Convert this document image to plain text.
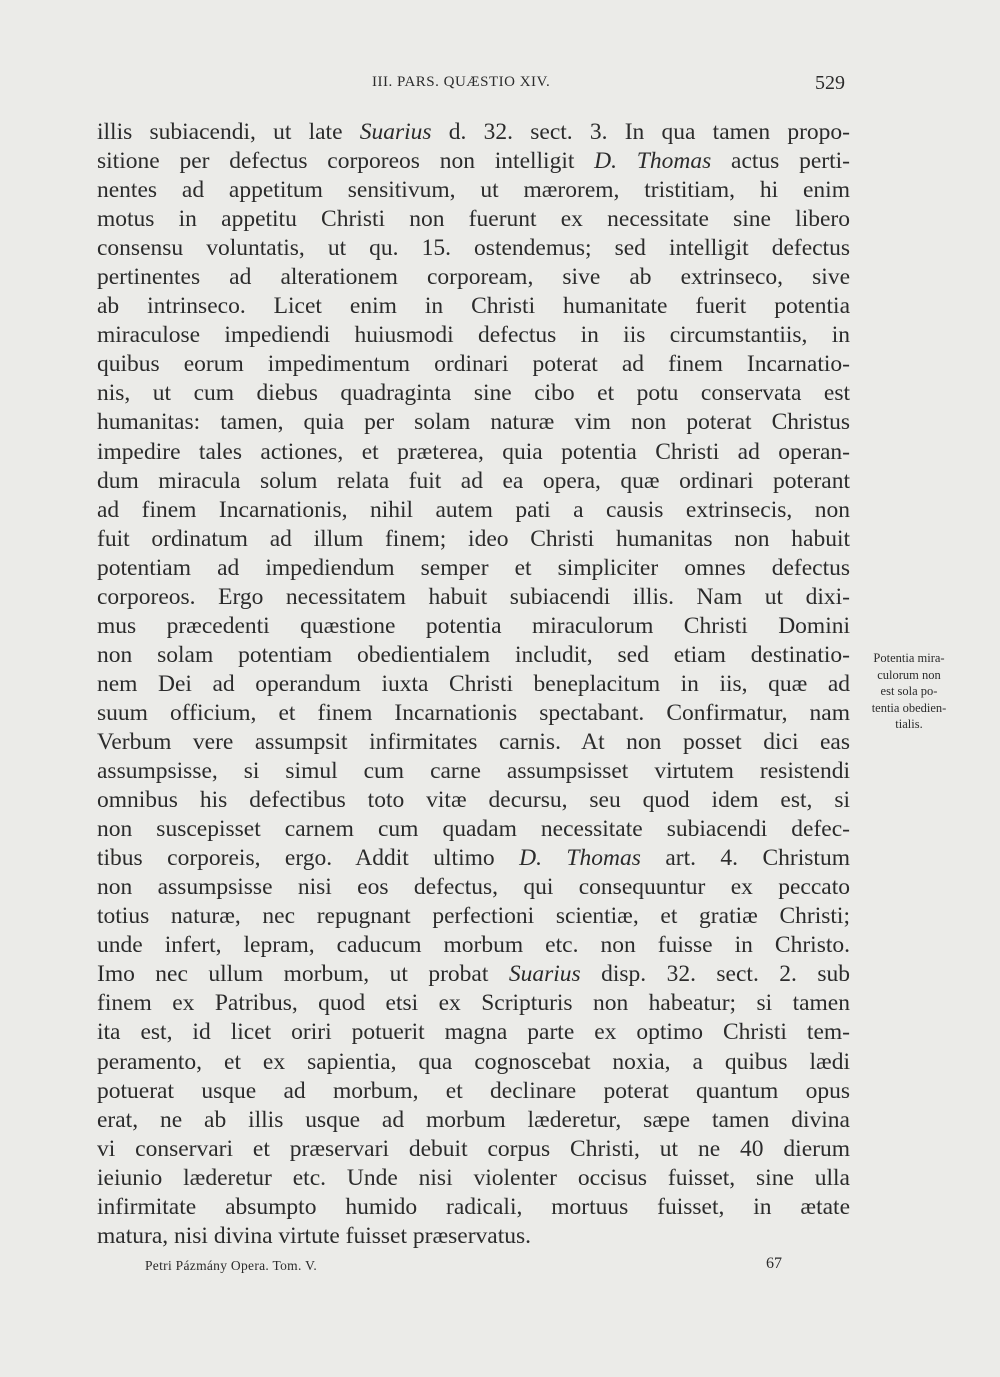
III. PARS. QUÆSTIO XIV.	529
illis subiacendi, ut late Suarius d. 32. sect. 3. In qua tamen propo-
sitione per defectus corporeos non intelligit D. Thomas actus perti-
nentes ad appetitum sensitivum, ut mærorem, tristitiam, hi enim
motus in appetitu Christi non fuerunt ex necessitate sine libero
consensu voluntatis, ut qu. 15. ostendemus; sed intelligit defectus
pertinentes ad alterationem corpoream, sive ab extrinseco, sive
ab intrinseco. Licet enim in Christi humanitate fuerit potentia
miraculose impediendi huiusmodi defectus in iis circumstantiis, in
quibus eorum impedimentum ordinari poterat ad finem Incarnatio-
nis, ut cum diebus quadraginta sine cibo et potu conservata est
humanitas: tamen, quia per solam naturæ vim non poterat Christus
impedire tales actiones, et præterea, quia potentia Christi ad operan-
dum miracula solum relata fuit ad ea opera, quæ ordinari poterant
ad finem Incarnationis, nihil autem pati a causis extrinsecis, non
fuit ordinatum ad illum finem; ideo Christi humanitas non habuit
potentiam ad impediendum semper et simpliciter omnes defectus
corporeos. Ergo necessitatem habuit subiacendi illis. Nam ut dixi-
mus præcedenti quæstione potentia miraculorum Christi Domini
non solam potentiam obedientialem includit, sed etiam destinatio-
nem Dei ad operandum iuxta Christi beneplacitum in iis, quæ ad
suum officium, et finem Incarnationis spectabant. Confirmatur, nam
Verbum vere assumpsit infirmitates carnis. At non posset dici eas
assumpsisse, si simul cum carne assumpsisset virtutem resistendi
omnibus his defectibus toto vitæ decursu, seu quod idem est, si
non suscepisset carnem cum quadam necessitate subiacendi defec-
tibus corporeis, ergo. Addit ultimo D. Thomas art. 4. Christum
non assumpsisse nisi eos defectus, qui consequuntur ex peccato
totius naturæ, nec repugnant perfectioni scientiæ, et gratiæ Christi;
unde infert, lepram, caducum morbum etc. non fuisse in Christo.
Imo nec ullum morbum, ut probat Suarius disp. 32. sect. 2. sub
finem ex Patribus, quod etsi ex Scripturis non habeatur; si tamen
ita est, id licet oriri potuerit magna parte ex optimo Christi tem-
peramento, et ex sapientia, qua cognoscebat noxia, a quibus lædi
potuerat usque ad morbum, et declinare poterat quantum opus
erat, ne ab illis usque ad morbum læderetur, sæpe tamen divina
vi conservari et præservari debuit corpus Christi, ut ne 40 dierum
ieiunio læderetur etc. Unde nisi violenter occisus fuisset, sine ulla
infirmitate absumpto humido radicali, mortuus fuisset, in ætate
matura, nisi divina virtute fuisset præservatus.
Potentia mira-
culorum non
est sola po-
tentia obedien-
tialis.
Petri Pázmány Opera. Tom. V.	67
